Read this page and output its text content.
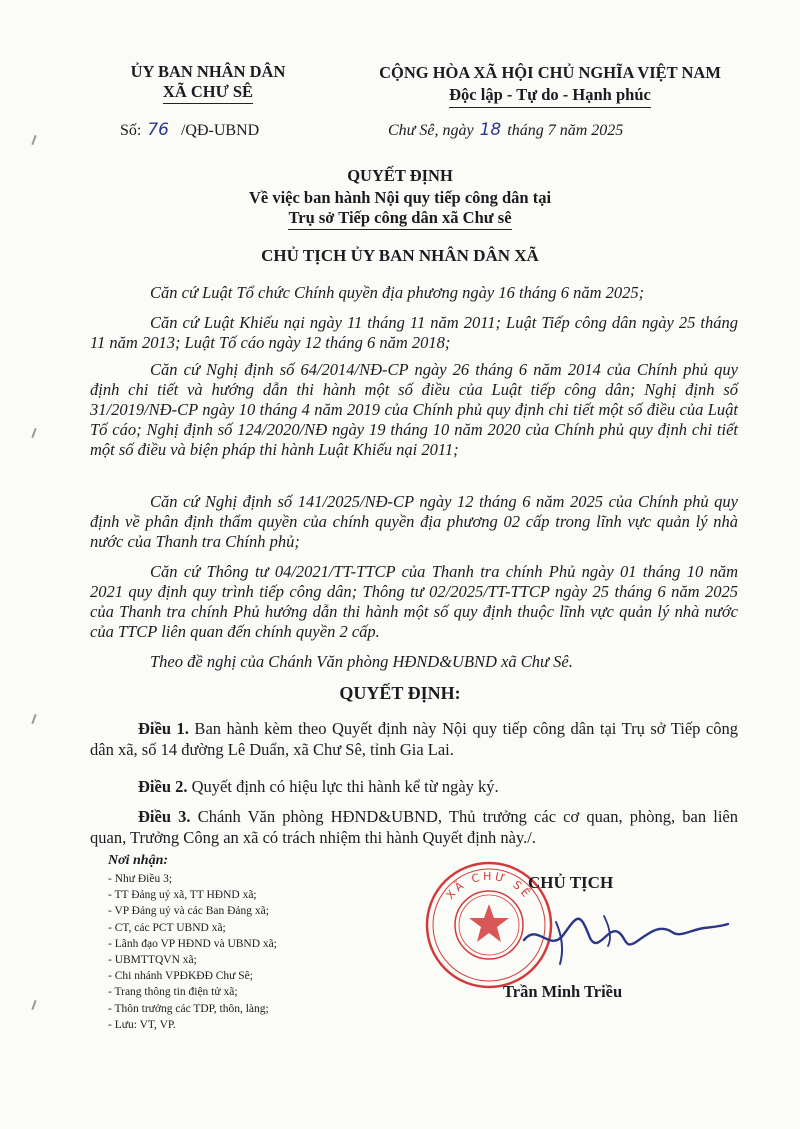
ỦY BAN NHÂN DÂN
XÃ CHƯ SÊ
CỘNG HÒA XÃ HỘI CHỦ NGHĨA VIỆT NAM
Độc lập - Tự do - Hạnh phúc
Số: 76 /QĐ-UBND	Chư Sê, ngày 18 tháng 7 năm 2025
QUYẾT ĐỊNH
Về việc ban hành Nội quy tiếp công dân tại
Trụ sở Tiếp công dân xã Chư sê
CHỦ TỊCH ỦY BAN NHÂN DÂN XÃ
Căn cứ Luật Tổ chức Chính quyền địa phương ngày 16 tháng 6 năm 2025;
Căn cứ Luật Khiếu nại ngày 11 tháng 11 năm 2011; Luật Tiếp công dân ngày 25 tháng 11 năm 2013; Luật Tố cáo ngày 12 tháng 6 năm 2018;
Căn cứ Nghị định số 64/2014/NĐ-CP ngày 26 tháng 6 năm 2014 của Chính phủ quy định chi tiết và hướng dẫn thi hành một số điều của Luật tiếp công dân; Nghị định số 31/2019/NĐ-CP ngày 10 tháng 4 năm 2019 của Chính phủ quy định chi tiết một số điều của Luật Tố cáo; Nghị định số 124/2020/NĐ ngày 19 tháng 10 năm 2020 của Chính phủ quy định chi tiết một số điều và biện pháp thi hành Luật Khiếu nại 2011;
Căn cứ Nghị định số 141/2025/NĐ-CP ngày 12 tháng 6 năm 2025 của Chính phủ quy định về phân định thẩm quyền của chính quyền địa phương 02 cấp trong lĩnh vực quản lý nhà nước của Thanh tra Chính phủ;
Căn cứ Thông tư 04/2021/TT-TTCP của Thanh tra chính Phủ ngày 01 tháng 10 năm 2021 quy định quy trình tiếp công dân; Thông tư 02/2025/TT-TTCP ngày 25 tháng 6 năm 2025 của Thanh tra chính Phủ hướng dẫn thi hành một số quy định thuộc lĩnh vực quản lý nhà nước của TTCP liên quan đến chính quyền 2 cấp.
Theo đề nghị của Chánh Văn phòng HĐND&UBND xã Chư Sê.
QUYẾT ĐỊNH:
Điều 1. Ban hành kèm theo Quyết định này Nội quy tiếp công dân tại Trụ sở Tiếp công dân xã, số 14 đường Lê Duẩn, xã Chư Sê, tỉnh Gia Lai.
Điều 2. Quyết định có hiệu lực thi hành kể từ ngày ký.
Điều 3. Chánh Văn phòng HĐND&UBND, Thủ trưởng các cơ quan, phòng, ban liên quan, Trưởng Công an xã có trách nhiệm thi hành Quyết định này./.
Nơi nhận:
- Như Điều 3;
- TT Đảng uỷ xã, TT HĐND xã;
- VP Đảng uỷ và các Ban Đảng xã;
- CT, các PCT UBND xã;
- Lãnh đạo VP HĐND và UBND xã;
- UBMTTQVN xã;
- Chi nhánh VPĐKĐĐ Chư Sê;
- Trang thông tin điện tử xã;
- Thôn trưởng các TDP, thôn, làng;
- Lưu: VT, VP.
XÃ CHƯ SÊ
CHỦ TỊCH
Trần Minh Triều
